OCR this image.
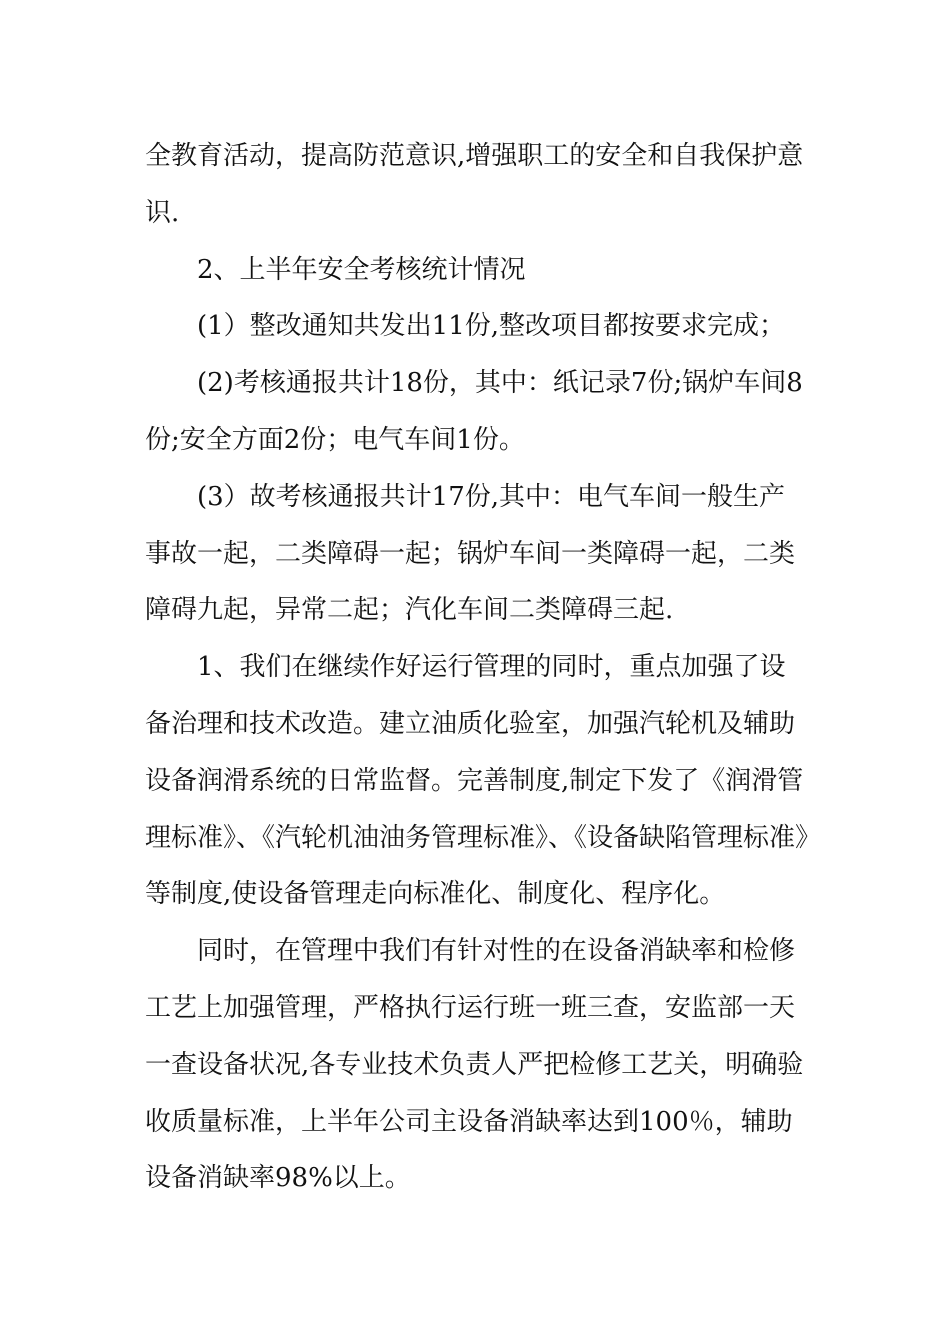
全教育活动，提高防范意识,增强职工的安全和自我保护意识.

2、上半年安全考核统计情况

(1）整改通知共发出11份,整改项目都按要求完成；

(2)考核通报共计18份，其中：纸记录7份;锅炉车间8份;安全方面2份；电气车间1份。

(3）故考核通报共计17份,其中：电气车间一般生产事故一起，二类障碍一起；锅炉车间一类障碍一起，二类障碍九起，异常二起；汽化车间二类障碍三起.

1、我们在继续作好运行管理的同时，重点加强了设备治理和技术改造。建立油质化验室，加强汽轮机及辅助设备润滑系统的日常监督。完善制度,制定下发了《润滑管理标准》、《汽轮机油油务管理标准》、《设备缺陷管理标准》等制度,使设备管理走向标准化、制度化、程序化。

同时，在管理中我们有针对性的在设备消缺率和检修工艺上加强管理，严格执行运行班一班三查，安监部一天一查设备状况,各专业技术负责人严把检修工艺关，明确验收质量标准，上半年公司主设备消缺率达到100％，辅助设备消缺率98%以上。
